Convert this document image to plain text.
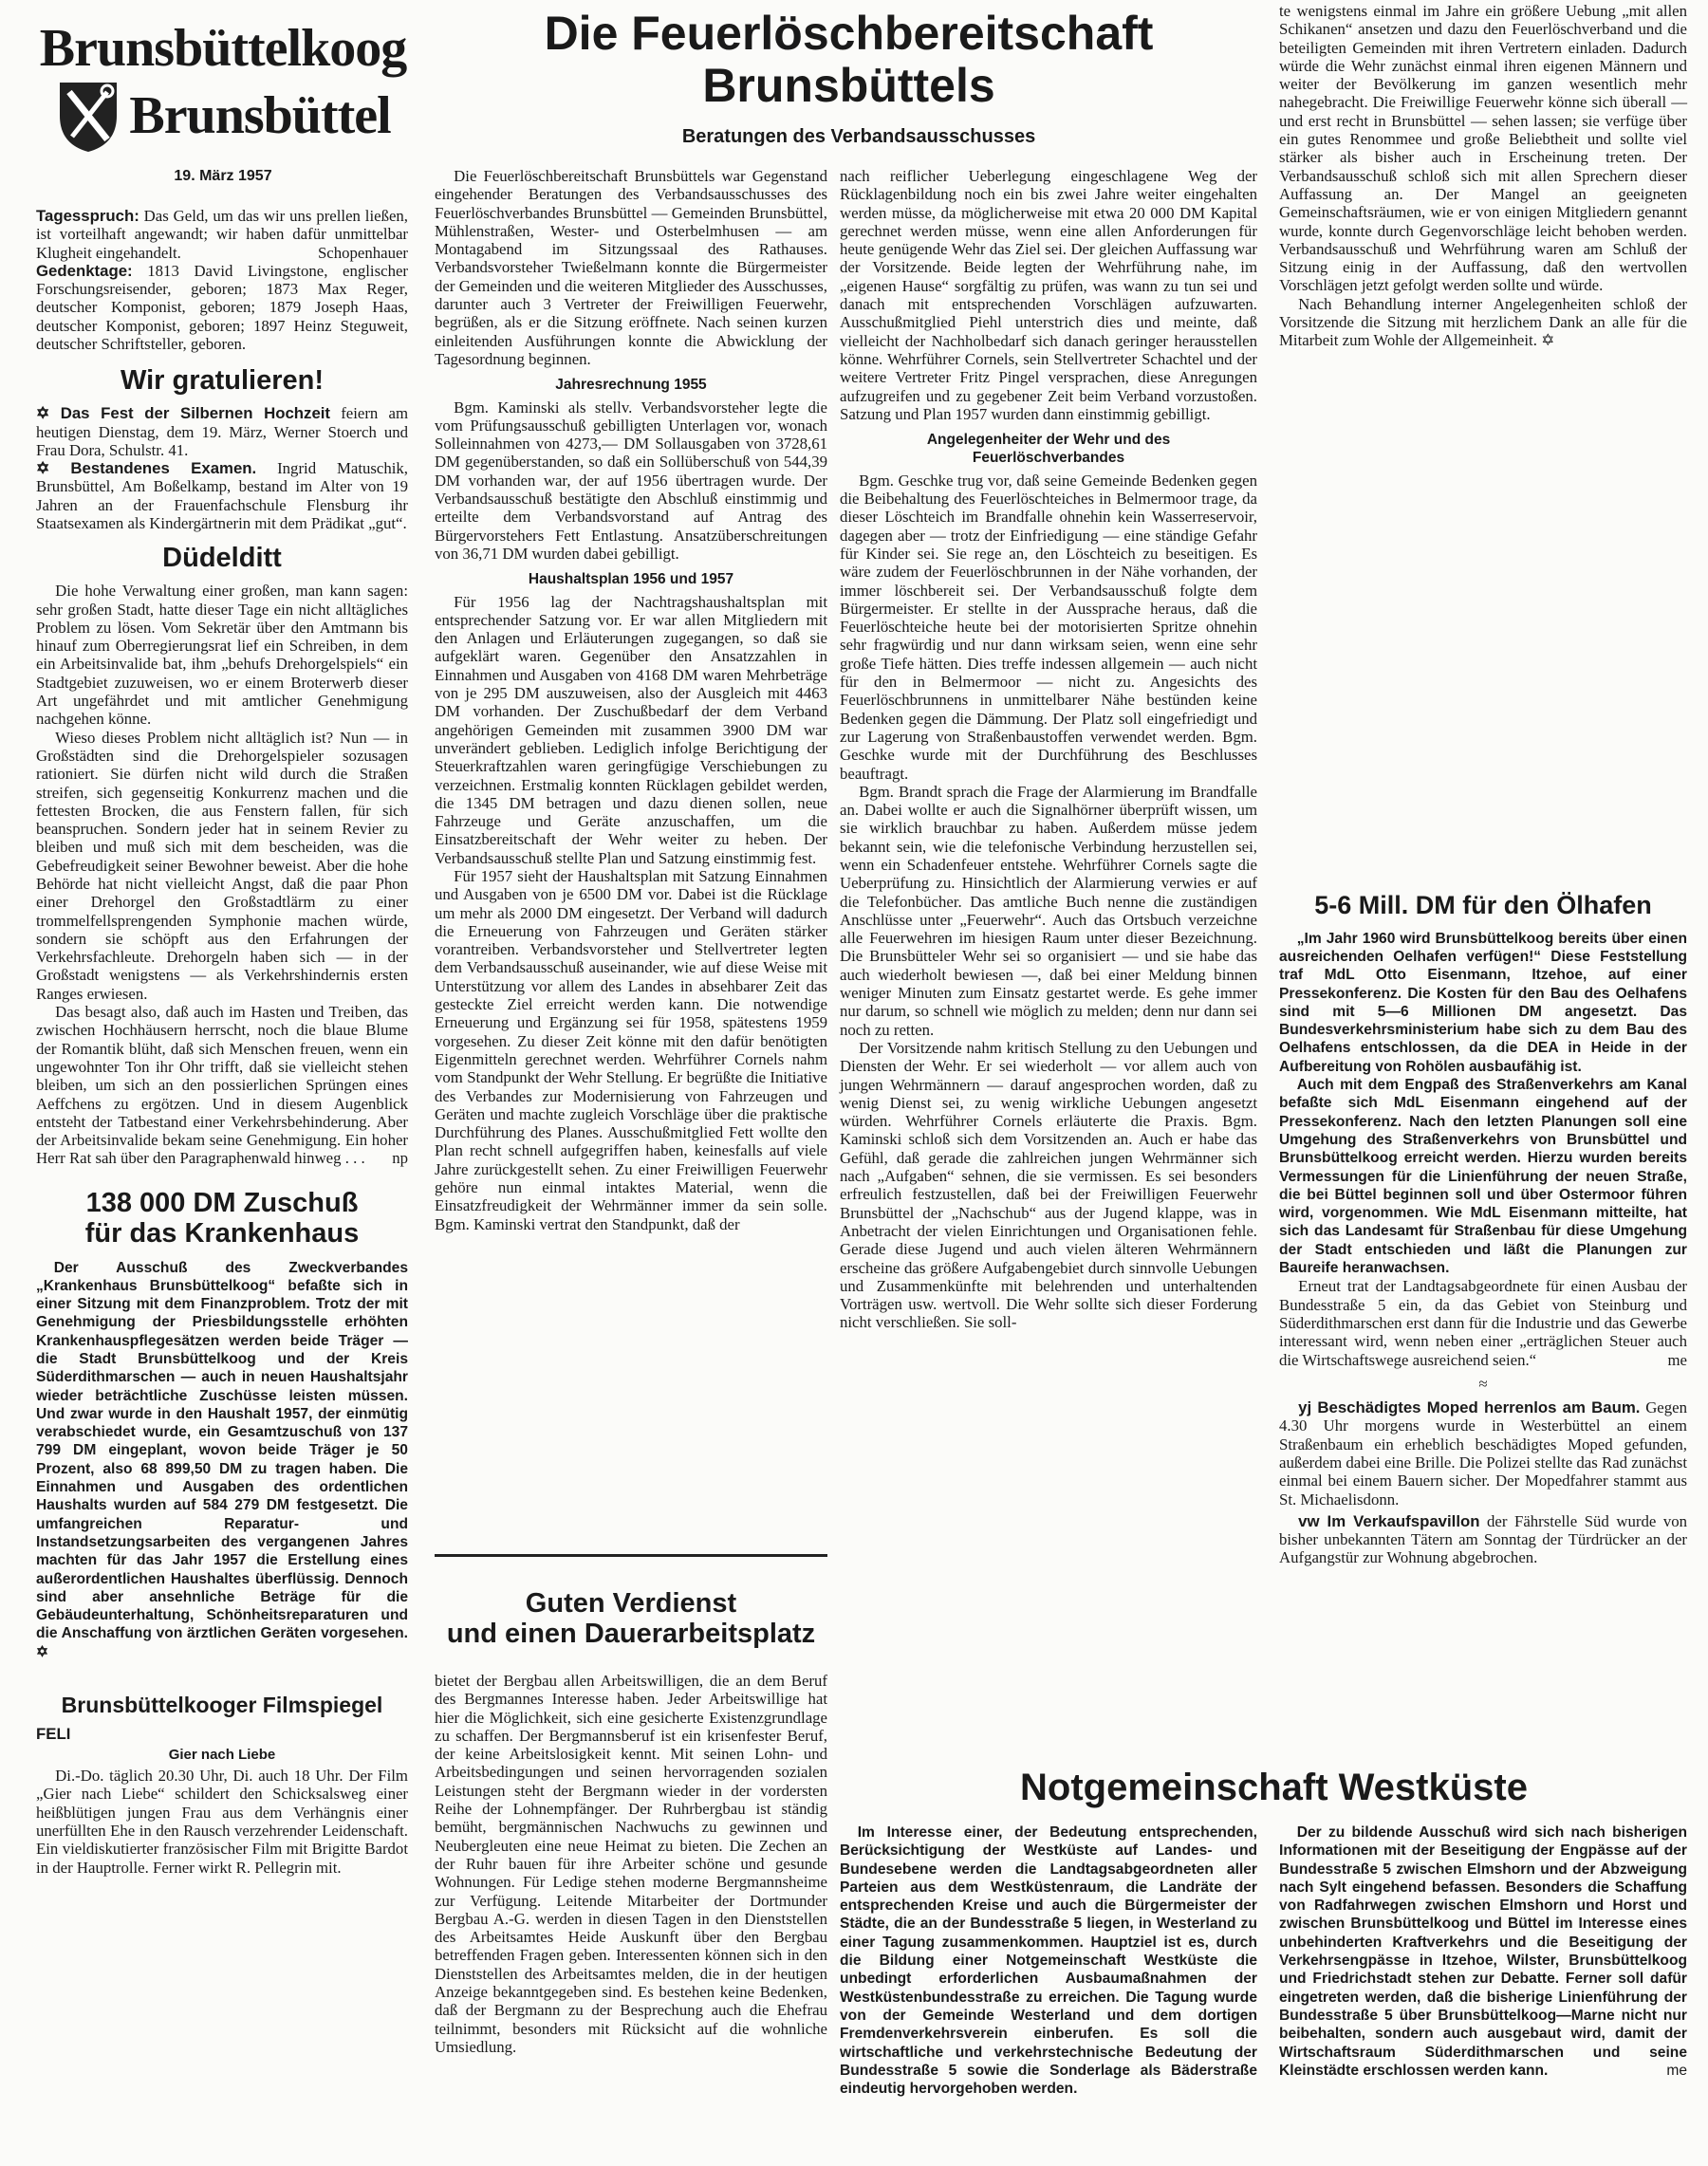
Brunsbüttelkoog
Brunsbüttel
19. März 1957

Tagesspruch: Das Geld, um das wir uns prellen ließen, ist vorteilhaft angewandt; wir haben dafür unmittelbar Klugheit eingehandelt.	Schopenhauer

Gedenktage: 1813 David Livingstone, englischer Forschungsreisender, geboren; 1873 Max Reger, deutscher Komponist, geboren; 1879 Joseph Haas, deutscher Komponist, geboren; 1897 Heinz Steguweit, deutscher Schriftsteller, geboren.

Wir gratulieren!

✡ Das Fest der Silbernen Hochzeit feiern am heutigen Dienstag, dem 19. März, Werner Stoerch und Frau Dora, Schulstr. 41.

✡ Bestandenes Examen. Ingrid Matuschik, Brunsbüttel, Am Boßelkamp, bestand im Alter von 19 Jahren an der Frauenfachschule Flensburg ihr Staatsexamen als Kindergärtnerin mit dem Prädikat „gut“.

Düdelditt

Die hohe Verwaltung einer großen, man kann sagen: sehr großen Stadt, hatte dieser Tage ein nicht alltägliches Problem zu lösen. Vom Sekretär über den Amtmann bis hinauf zum Oberregierungsrat lief ein Schreiben, in dem ein Arbeitsinvalide bat, ihm „behufs Drehorgelspiels“ ein Stadtgebiet zuzuweisen, wo er einem Broterwerb dieser Art ungefährdet und mit amtlicher Genehmigung nachgehen könne.

Wieso dieses Problem nicht alltäglich ist? Nun — in Großstädten sind die Drehorgelspieler sozusagen rationiert. Sie dürfen nicht wild durch die Straßen streifen, sich gegenseitig Konkurrenz machen und die fettesten Brocken, die aus Fenstern fallen, für sich beanspruchen. Sondern jeder hat in seinem Revier zu bleiben und muß sich mit dem bescheiden, was die Gebefreudigkeit seiner Bewohner beweist. Aber die hohe Behörde hat nicht vielleicht Angst, daß die paar Phon einer Drehorgel den Großstadtlärm zu einer trommelfellsprengenden Symphonie machen würde, sondern sie schöpft aus den Erfahrungen der Verkehrsfachleute. Drehorgeln haben sich — in der Großstadt wenigstens — als Verkehrshindernis ersten Ranges erwiesen.

Das besagt also, daß auch im Hasten und Treiben, das zwischen Hochhäusern herrscht, noch die blaue Blume der Romantik blüht, daß sich Menschen freuen, wenn ein ungewohnter Ton ihr Ohr trifft, daß sie vielleicht stehen bleiben, um sich an den possierlichen Sprüngen eines Aeffchens zu ergötzen. Und in diesem Augenblick entsteht der Tatbestand einer Verkehrsbehinderung. Aber der Arbeitsinvalide bekam seine Genehmigung. Ein hoher Herr Rat sah über den Paragraphenwald hinweg . . .	np

138 000 DM Zuschuß
für das Krankenhaus

Der Ausschuß des Zweckverbandes „Krankenhaus Brunsbüttelkoog“ befaßte sich in einer Sitzung mit dem Finanzproblem. Trotz der mit Genehmigung der Priesbildungsstelle erhöhten Krankenhauspflegesätzen werden beide Träger — die Stadt Brunsbüttelkoog und der Kreis Süderdithmarschen — auch in neuen Haushaltsjahr wieder beträchtliche Zuschüsse leisten müssen. Und zwar wurde in den Haushalt 1957, der einmütig verabschiedet wurde, ein Gesamtzuschuß von 137 799 DM eingeplant, wovon beide Träger je 50 Prozent, also 68 899,50 DM zu tragen haben. Die Einnahmen und Ausgaben des ordentlichen Haushalts wurden auf 584 279 DM festgesetzt. Die umfangreichen Reparatur- und Instandsetzungsarbeiten des vergangenen Jahres machten für das Jahr 1957 die Erstellung eines außerordentlichen Haushaltes überflüssig. Dennoch sind aber ansehnliche Beträge für die Gebäudeunterhaltung, Schönheitsreparaturen und die Anschaffung von ärztlichen Geräten vorgesehen. ✡

Brunsbüttelkooger Filmspiegel
FELI
Gier nach Liebe

Di.-Do. täglich 20.30 Uhr, Di. auch 18 Uhr. Der Film „Gier nach Liebe“ schildert den Schicksalsweg einer heißblütigen jungen Frau aus dem Verhängnis einer unerfüllten Ehe in den Rausch verzehrender Leidenschaft. Ein vieldiskutierter französischer Film mit Brigitte Bardot in der Hauptrolle. Ferner wirkt R. Pellegrin mit.

Die Feuerlöschbereitschaft
Brunsbüttels
Beratungen des Verbandsausschusses

Die Feuerlöschbereitschaft Brunsbüttels war Gegenstand eingehender Beratungen des Verbandsausschusses des Feuerlöschverbandes Brunsbüttel — Gemeinden Brunsbüttel, Mühlenstraßen, Wester- und Osterbelmhusen — am Montagabend im Sitzungssaal des Rathauses. Verbandsvorsteher Twießelmann konnte die Bürgermeister der Gemeinden und die weiteren Mitglieder des Ausschusses, darunter auch 3 Vertreter der Freiwilligen Feuerwehr, begrüßen, als er die Sitzung eröffnete. Nach seinen kurzen einleitenden Ausführungen konnte die Abwicklung der Tagesordnung beginnen.

Jahresrechnung 1955

Bgm. Kaminski als stellv. Verbandsvorsteher legte die vom Prüfungsausschuß gebilligten Unterlagen vor, wonach Solleinnahmen von 4273,— DM Sollausgaben von 3728,61 DM gegenüberstanden, so daß ein Sollüberschuß von 544,39 DM vorhanden war, der auf 1956 übertragen wurde. Der Verbandsausschuß bestätigte den Abschluß einstimmig und erteilte dem Verbandsvorstand auf Antrag des Bürgervorstehers Fett Entlastung. Ansatzüberschreitungen von 36,71 DM wurden dabei gebilligt.

Haushaltsplan 1956 und 1957

Für 1956 lag der Nachtragshaushaltsplan mit entsprechender Satzung vor. Er war allen Mitgliedern mit den Anlagen und Erläuterungen zugegangen, so daß sie aufgeklärt waren. Gegenüber den Ansatzzahlen in Einnahmen und Ausgaben von 4168 DM waren Mehrbeträge von je 295 DM auszuweisen, also der Ausgleich mit 4463 DM vorhanden. Der Zuschußbedarf der dem Verband angehörigen Gemeinden mit zusammen 3900 DM war unverändert geblieben. Lediglich infolge Berichtigung der Steuerkraftzahlen waren geringfügige Verschiebungen zu verzeichnen. Erstmalig konnten Rücklagen gebildet werden, die 1345 DM betragen und dazu dienen sollen, neue Fahrzeuge und Geräte anzuschaffen, um die Einsatzbereitschaft der Wehr weiter zu heben. Der Verbandsausschuß stellte Plan und Satzung einstimmig fest.

Für 1957 sieht der Haushaltsplan mit Satzung Einnahmen und Ausgaben von je 6500 DM vor. Dabei ist die Rücklage um mehr als 2000 DM eingesetzt. Der Verband will dadurch die Erneuerung von Fahrzeugen und Geräten stärker vorantreiben. Verbandsvorsteher und Stellvertreter legten dem Verbandsausschuß auseinander, wie auf diese Weise mit Unterstützung vor allem des Landes in absehbarer Zeit das gesteckte Ziel erreicht werden kann. Die notwendige Erneuerung und Ergänzung sei für 1958, spätestens 1959 vorgesehen. Zu dieser Zeit könne mit den dafür benötigten Eigenmitteln gerechnet werden. Wehrführer Cornels nahm vom Standpunkt der Wehr Stellung. Er begrüßte die Initiative des Verbandes zur Modernisierung von Fahrzeugen und Geräten und machte zugleich Vorschläge über die praktische Durchführung des Planes. Ausschußmitglied Fett wollte den Plan recht schnell aufgegriffen haben, keinesfalls auf viele Jahre zurückgestellt sehen. Zu einer Freiwilligen Feuerwehr gehöre nun einmal intaktes Material, wenn die Einsatzfreudigkeit der Wehrmänner immer da sein solle. Bgm. Kaminski vertrat den Standpunkt, daß der

Guten Verdienst
und einen Dauerarbeitsplatz

bietet der Bergbau allen Arbeitswilligen, die an dem Beruf des Bergmannes Interesse haben. Jeder Arbeitswillige hat hier die Möglichkeit, sich eine gesicherte Existenzgrundlage zu schaffen. Der Bergmannsberuf ist ein krisenfester Beruf, der keine Arbeitslosigkeit kennt. Mit seinen Lohn- und Arbeitsbedingungen und seinen hervorragenden sozialen Leistungen steht der Bergmann wieder in der vordersten Reihe der Lohnempfänger. Der Ruhrbergbau ist ständig bemüht, bergmännischen Nachwuchs zu gewinnen und Neubergleuten eine neue Heimat zu bieten. Die Zechen an der Ruhr bauen für ihre Arbeiter schöne und gesunde Wohnungen. Für Ledige stehen moderne Bergmannsheime zur Verfügung. Leitende Mitarbeiter der Dortmunder Bergbau A.-G. werden in diesen Tagen in den Dienststellen des Arbeitsamtes Heide Auskunft über den Bergbau betreffenden Fragen geben. Interessenten können sich in den Dienststellen des Arbeitsamtes melden, die in der heutigen Anzeige bekanntgegeben sind. Es bestehen keine Bedenken, daß der Bergmann zu der Besprechung auch die Ehefrau teilnimmt, besonders mit Rücksicht auf die wohnliche Umsiedlung.

nach reiflicher Ueberlegung eingeschlagene Weg der Rücklagenbildung noch ein bis zwei Jahre weiter eingehalten werden müsse, da möglicherweise mit etwa 20 000 DM Kapital gerechnet werden müsse, wenn eine allen Anforderungen für heute genügende Wehr das Ziel sei. Der gleichen Auffassung war der Vorsitzende. Beide legten der Wehrführung nahe, im „eigenen Hause“ sorgfältig zu prüfen, was wann zu tun sei und danach mit entsprechenden Vorschlägen aufzuwarten. Ausschußmitglied Piehl unterstrich dies und meinte, daß vielleicht der Nachholbedarf sich danach geringer herausstellen könne. Wehrführer Cornels, sein Stellvertreter Schachtel und der weitere Vertreter Fritz Pingel versprachen, diese Anregungen aufzugreifen und zu gegebener Zeit beim Verband vorzustoßen. Satzung und Plan 1957 wurden dann einstimmig gebilligt.

Angelegenheiter der Wehr und des Feuerlöschverbandes

Bgm. Geschke trug vor, daß seine Gemeinde Bedenken gegen die Beibehaltung des Feuerlöschteiches in Belmermoor trage, da dieser Löschteich im Brandfalle ohnehin kein Wasserreservoir, dagegen aber — trotz der Einfriedigung — eine ständige Gefahr für Kinder sei. Sie rege an, den Löschteich zu beseitigen. Es wäre zudem der Feuerlöschbrunnen in der Nähe vorhanden, der immer löschbereit sei. Der Verbandsausschuß folgte dem Bürgermeister. Er stellte in der Aussprache heraus, daß die Feuerlöschteiche heute bei der motorisierten Spritze ohnehin sehr fragwürdig und nur dann wirksam seien, wenn eine sehr große Tiefe hätten. Dies treffe indessen allgemein — auch nicht für den in Belmermoor — nicht zu. Angesichts des Feuerlöschbrunnens in unmittelbarer Nähe bestünden keine Bedenken gegen die Dämmung. Der Platz soll eingefriedigt und zur Lagerung von Straßenbaustoffen verwendet werden. Bgm. Geschke wurde mit der Durchführung des Beschlusses beauftragt.

Bgm. Brandt sprach die Frage der Alarmierung im Brandfalle an. Dabei wollte er auch die Signalhörner überprüft wissen, um sie wirklich brauchbar zu haben. Außerdem müsse jedem bekannt sein, wie die telefonische Verbindung herzustellen sei, wenn ein Schadenfeuer entstehe. Wehrführer Cornels sagte die Ueberprüfung zu. Hinsichtlich der Alarmierung verwies er auf die Telefonbücher. Das amtliche Buch nenne die zuständigen Anschlüsse unter „Feuerwehr“. Auch das Ortsbuch verzeichne alle Feuerwehren im hiesigen Raum unter dieser Bezeichnung. Die Brunsbütteler Wehr sei so organisiert — und sie habe das auch wiederholt bewiesen —, daß bei einer Meldung binnen weniger Minuten zum Einsatz gestartet werde. Es gehe immer nur darum, so schnell wie möglich zu melden; denn nur dann sei noch zu retten.

Der Vorsitzende nahm kritisch Stellung zu den Uebungen und Diensten der Wehr. Er sei wiederholt — vor allem auch von jungen Wehrmännern — darauf angesprochen worden, daß zu wenig Dienst sei, zu wenig wirkliche Uebungen angesetzt würden. Wehrführer Cornels erläuterte die Praxis. Bgm. Kaminski schloß sich dem Vorsitzenden an. Auch er habe das Gefühl, daß gerade die zahlreichen jungen Wehrmänner sich nach „Aufgaben“ sehnen, die sie vermissen. Es sei besonders erfreulich festzustellen, daß bei der Freiwilligen Feuerwehr Brunsbüttel der „Nachschub“ aus der Jugend klappe, was in Anbetracht der vielen Einrichtungen und Organisationen fehle. Gerade diese Jugend und auch vielen älteren Wehrmännern erscheine das größere Aufgabengebiet durch sinnvolle Uebungen und Zusammenkünfte mit belehrenden und unterhaltenden Vorträgen usw. wertvoll. Die Wehr sollte sich dieser Forderung nicht verschließen. Sie soll-

te wenigstens einmal im Jahre ein größere Uebung „mit allen Schikanen“ ansetzen und dazu den Feuerlöschverband und die beteiligten Gemeinden mit ihren Vertretern einladen. Dadurch würde die Wehr zunächst einmal ihren eigenen Männern und weiter der Bevölkerung im ganzen wesentlich mehr nahegebracht. Die Freiwillige Feuerwehr könne sich überall — und erst recht in Brunsbüttel — sehen lassen; sie verfüge über ein gutes Renommee und große Beliebtheit und sollte viel stärker als bisher auch in Erscheinung treten. Der Verbandsausschuß schloß sich mit allen Sprechern dieser Auffassung an. Der Mangel an geeigneten Gemeinschaftsräumen, wie er von einigen Mitgliedern genannt wurde, konnte durch Gegenvorschläge leicht behoben werden. Verbandsausschuß und Wehrführung waren am Schluß der Sitzung einig in der Auffassung, daß den wertvollen Vorschlägen jetzt gefolgt werden sollte und würde.

Nach Behandlung interner Angelegenheiten schloß der Vorsitzende die Sitzung mit herzlichem Dank an alle für die Mitarbeit zum Wohle der Allgemeinheit. ✡

5-6 Mill. DM für den Ölhafen

„Im Jahr 1960 wird Brunsbüttelkoog bereits über einen ausreichenden Oelhafen verfügen!“ Diese Feststellung traf MdL Otto Eisenmann, Itzehoe, auf einer Pressekonferenz. Die Kosten für den Bau des Oelhafens sind mit 5—6 Millionen DM angesetzt. Das Bundesverkehrsministerium habe sich zu dem Bau des Oelhafens entschlossen, da die DEA in Heide in der Aufbereitung von Rohölen ausbaufähig ist.

Auch mit dem Engpaß des Straßenverkehrs am Kanal befaßte sich MdL Eisenmann eingehend auf der Pressekonferenz. Nach den letzten Planungen soll eine Umgehung des Straßenverkehrs von Brunsbüttel und Brunsbüttelkoog erreicht werden. Hierzu wurden bereits Vermessungen für die Linienführung der neuen Straße, die bei Büttel beginnen soll und über Ostermoor führen wird, vorgenommen. Wie MdL Eisenmann mitteilte, hat sich das Landesamt für Straßenbau für diese Umgehung der Stadt entschieden und läßt die Planungen zur Baureife heranwachsen.

Erneut trat der Landtagsabgeordnete für einen Ausbau der Bundesstraße 5 ein, da das Gebiet von Steinburg und Süderdithmarschen erst dann für die Industrie und das Gewerbe interessant wird, wenn neben einer „erträglichen Steuer auch die Wirtschaftswege ausreichend seien.“	me

≈

yj Beschädigtes Moped herrenlos am Baum. Gegen 4.30 Uhr morgens wurde in Westerbüttel an einem Straßenbaum ein erheblich beschädigtes Moped gefunden, außerdem dabei eine Brille. Die Polizei stellte das Rad zunächst einmal bei einem Bauern sicher. Der Mopedfahrer stammt aus St. Michaelisdonn.

vw Im Verkaufspavillon der Fährstelle Süd wurde von bisher unbekannten Tätern am Sonntag der Türdrücker an der Aufgangstür zur Wohnung abgebrochen.

Notgemeinschaft Westküste

Im Interesse einer, der Bedeutung entsprechenden, Berücksichtigung der Westküste auf Landes- und Bundesebene werden die Landtagsabgeordneten aller Parteien aus dem Westküstenraum, die Landräte der entsprechenden Kreise und auch die Bürgermeister der Städte, die an der Bundesstraße 5 liegen, in Westerland zu einer Tagung zusammenkommen. Hauptziel ist es, durch die Bildung einer Notgemeinschaft Westküste die unbedingt erforderlichen Ausbaumaßnahmen der Westküstenbundesstraße zu erreichen. Die Tagung wurde von der Gemeinde Westerland und dem dortigen Fremdenverkehrsverein einberufen. Es soll die wirtschaftliche und verkehrstechnische Bedeutung der Bundesstraße 5 sowie die Sonderlage als Bäderstraße eindeutig hervorgehoben werden.

Der zu bildende Ausschuß wird sich nach bisherigen Informationen mit der Beseitigung der Engpässe auf der Bundesstraße 5 zwischen Elmshorn und der Abzweigung nach Sylt eingehend befassen. Besonders die Schaffung von Radfahrwegen zwischen Elmshorn und Horst und zwischen Brunsbüttelkoog und Büttel im Interesse eines unbehinderten Kraftverkehrs und die Beseitigung der Verkehrsengpässe in Itzehoe, Wilster, Brunsbüttelkoog und Friedrichstadt stehen zur Debatte. Ferner soll dafür eingetreten werden, daß die bisherige Linienführung der Bundesstraße 5 über Brunsbüttelkoog—Marne nicht nur beibehalten, sondern auch ausgebaut wird, damit der Wirtschaftsraum Süderdithmarschen und seine Kleinstädte erschlossen werden kann.	me
